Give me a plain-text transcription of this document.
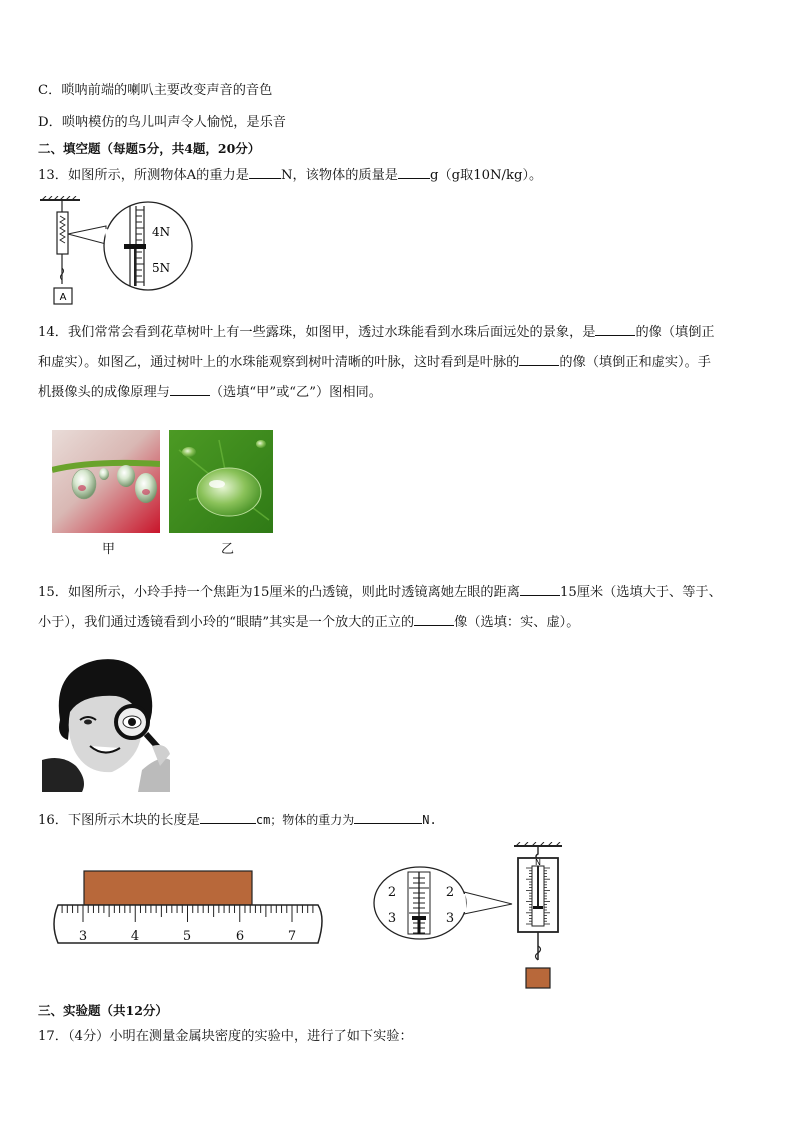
C．唢呐前端的喇叭主要改变声音的音色
D．唢呐模仿的鸟儿叫声令人愉悦，是乐音
二、填空题（每题5分，共4题，20分）
13．如图所示，所测物体A的重力是 N，该物体的质量是 g（g取10N/kg）。
A
4N
5N
14．我们常常会看到花草树叶上有一些露珠，如图甲，透过水珠能看到水珠后面远处的景象，是	的像（填倒正
和虚实）。如图乙，通过树叶上的水珠能观察到树叶清晰的叶脉，这时看到是叶脉的	的像（填倒正和虚实）。手
机摄像头的成像原理与	（选填“甲”或“乙”）图相同。
甲	乙
15．如图所示，小玲手持一个焦距为15厘米的凸透镜，则此时透镜离她左眼的距离	15厘米（选填大于、等于、
小于），我们通过透镜看到小玲的“眼睛”其实是一个放大的正立的	像（选填：实、虚）。
16．下图所示木块的长度是	cm；物体的重力为	N.
3	4	5	6	7
N
2
3
2
3
三、实验题（共12分）
17．（4分）小明在测量金属块密度的实验中，进行了如下实验：
